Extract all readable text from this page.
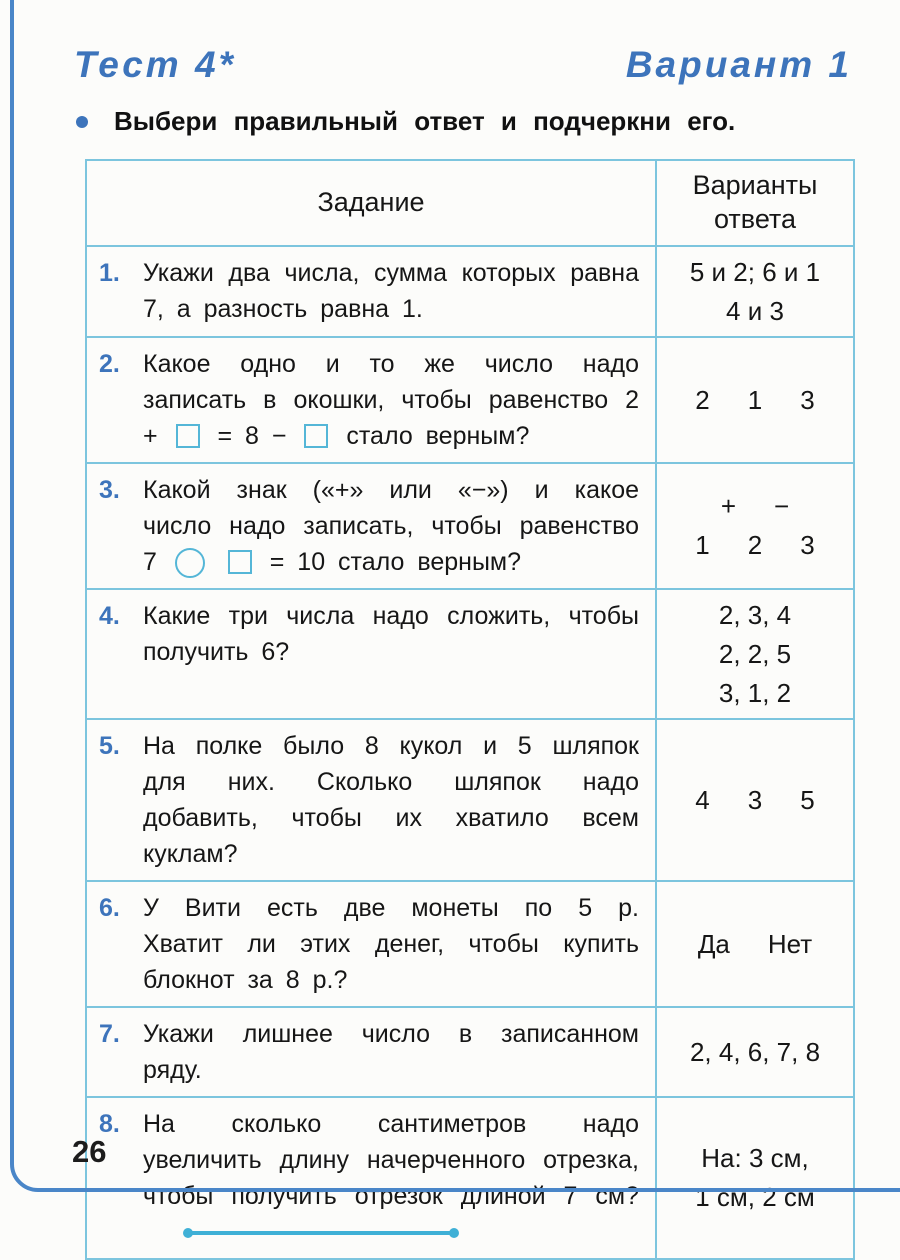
Тест 4*	Вариант 1
Выбери правильный ответ и подчеркни его.
Задание
Варианты ответа
1. Укажи два числа, сумма которых равна 7, а разность равна 1.
5 и 2; 6 и 1
4 и 3
2. Какое одно и то же число надо записать в окошки, чтобы равенство 2 +  = 8 −  стало верным?
2 1 3
3. Какой знак («+» или «−») и какое число надо записать, чтобы равенство 7	= 10 стало верным?
+ −
1 2 3
4. Какие три числа надо сложить, чтобы получить 6?
2, 3, 4
2, 2, 5
3, 1, 2
5. На полке было 8 кукол и 5 шляпок для них. Сколько шляпок надо добавить, чтобы их хватило всем куклам?
4 3 5
6. У Вити есть две монеты по 5 р. Хватит ли этих денег, чтобы купить блокнот за 8 р.?
Да Нет
7. Укажи лишнее число в записанном ряду.
2, 4, 6, 7, 8
8. На сколько сантиметров надо увеличить длину начерченного отрезка, чтобы получить отрезок длиной 7 см?
На: 3 см,
1 см, 2 см
26
